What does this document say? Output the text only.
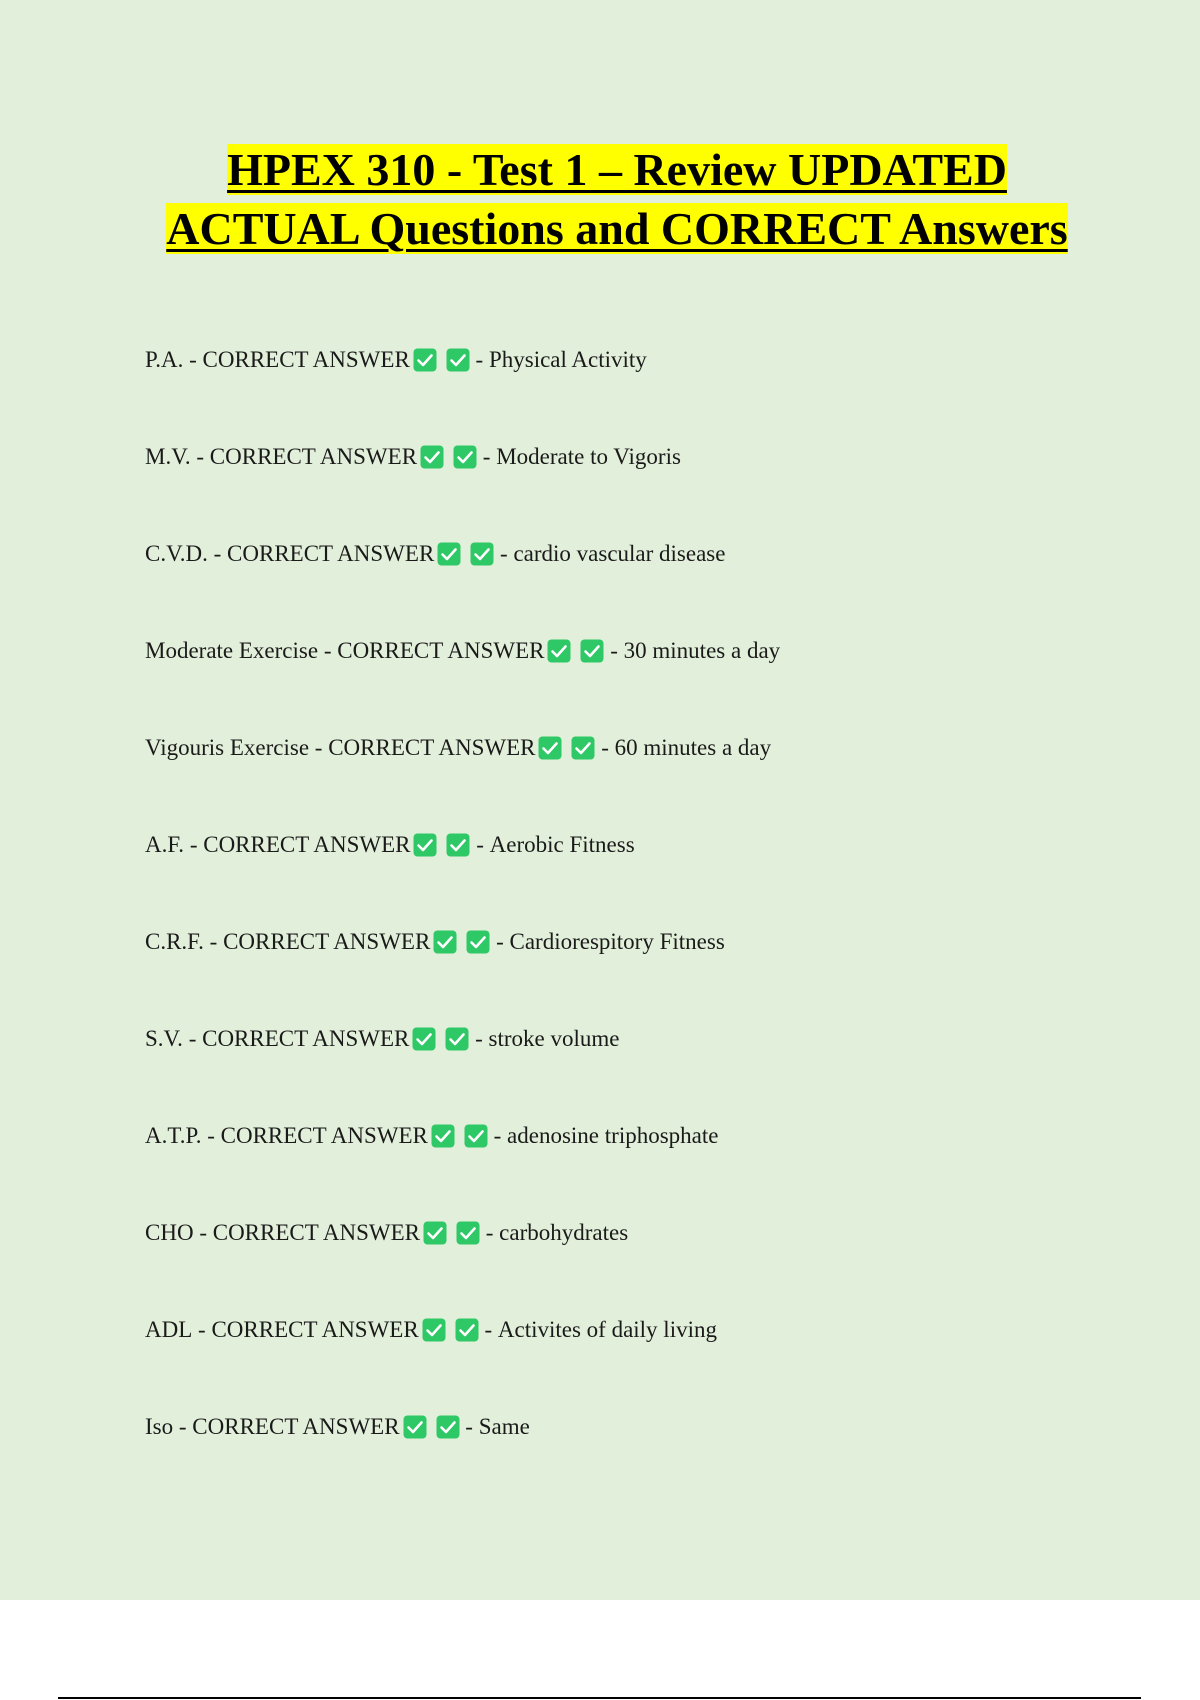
HPEX 310 - Test 1 – Review UPDATED ACTUAL Questions and CORRECT Answers
P.A. - CORRECT ANSWER	- Physical Activity
M.V. - CORRECT ANSWER	- Moderate to Vigoris
C.V.D. - CORRECT ANSWER	- cardio vascular disease
Moderate Exercise - CORRECT ANSWER	- 30 minutes a day
Vigouris Exercise - CORRECT ANSWER	- 60 minutes a day
A.F. - CORRECT ANSWER	- Aerobic Fitness
C.R.F. - CORRECT ANSWER	- Cardiorespitory Fitness
S.V. - CORRECT ANSWER	- stroke volume
A.T.P. - CORRECT ANSWER	- adenosine triphosphate
CHO - CORRECT ANSWER	- carbohydrates
ADL - CORRECT ANSWER	- Activites of daily living
Iso - CORRECT ANSWER	- Same
